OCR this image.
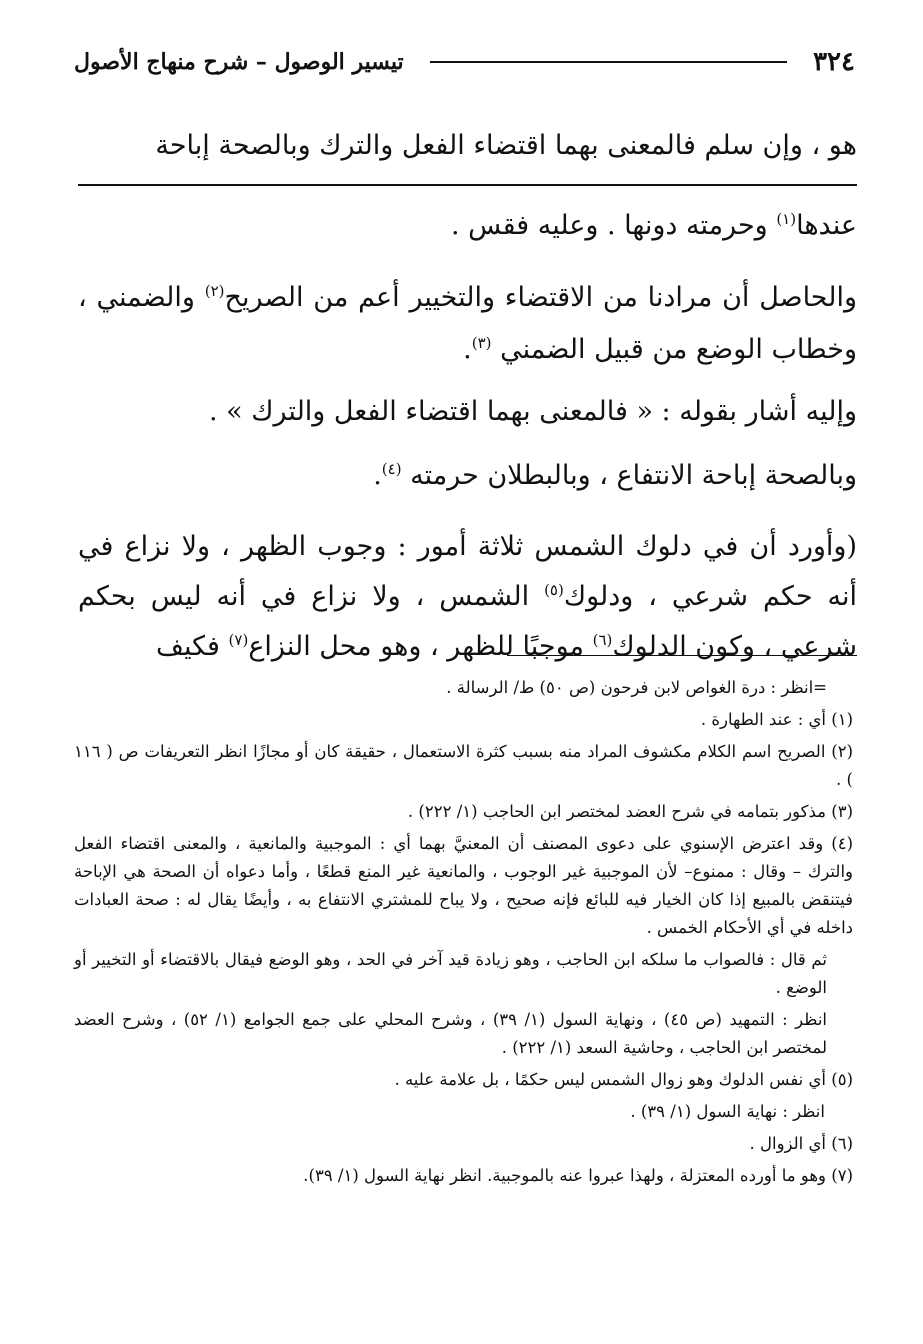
٣٢٤
تيسير الوصول – شرح منهاج الأصول

هو ، وإن سلم فالمعنى بهما اقتضاء الفعل والترك وبالصحة إباحة
عندها$^{(١)}$ وحرمته دونها . وعليه فقس .

والحاصل أن مرادنا من الاقتضاء والتخيير أعم من الصريح$^{(٢)}$ والضمني ، وخطاب الوضع من قبيل الضمني $^{(٣)}$.

وإليه أشار بقوله : « فالمعنى بهما اقتضاء الفعل والترك » .

وبالصحة إباحة الانتفاع ، وبالبطلان حرمته $^{(٤)}$.

(وأورد أن في دلوك الشمس ثلاثة أمور : وجوب الظهر ، ولا نزاع في أنه حكم شرعي ، ودلوك$^{(٥)}$ الشمس ، ولا نزاع في أنه ليس بحكم شرعي ، وكون الدلوك$^{(٦)}$ موجبًا للظهر ، وهو محل النزاع$^{(٧)}$ فكيف

=انظر : درة الغواص لابن فرحون (ص ٥٠) ط/ الرسالة .

(١) أي : عند الطهارة .

(٢) الصريح اسم الكلام مكشوف المراد منه بسبب كثرة الاستعمال ، حقيقة كان أو مجازًا انظر التعريفات ص ( ١١٦ ) .

(٣) مذكور بتمامه في شرح العضد لمختصر ابن الحاجب (١/ ٢٢٢) .

(٤) وقد اعترض الإسنوي على دعوى المصنف أن المعنيَّ بهما أي : الموجبية والمانعية ، والمعنى اقتضاء الفعل والترك – وقال : ممنوع– لأن الموجبية غير الوجوب ، والمانعية غير المنع قطعًا ، وأما دعواه أن الصحة هي الإباحة فيتنقض بالمبيع إذا كان الخيار فيه للبائع فإنه صحيح ، ولا يباح للمشتري الانتفاع به ، وأيضًا يقال له : صحة العبادات داخله في أي الأحكام الخمس .

ثم قال : فالصواب ما سلكه ابن الحاجب ، وهو زيادة قيد آخر في الحد ، وهو الوضع فيقال بالاقتضاء أو التخيير أو الوضع .

انظر : التمهيد (ص ٤٥) ، ونهاية السول (١/ ٣٩) ، وشرح المحلي على جمع الجوامع (١/ ٥٢) ، وشرح العضد لمختصر ابن الحاجب ، وحاشية السعد (١/ ٢٢٢) .

(٥) أي نفس الدلوك وهو زوال الشمس ليس حكمًا ، بل علامة عليه .

انظر : نهاية السول (١/ ٣٩) .

(٦) أي الزوال .

(٧) وهو ما أورده المعتزلة ، ولهذا عبروا عنه بالموجبية. انظر نهاية السول (١/ ٣٩).
